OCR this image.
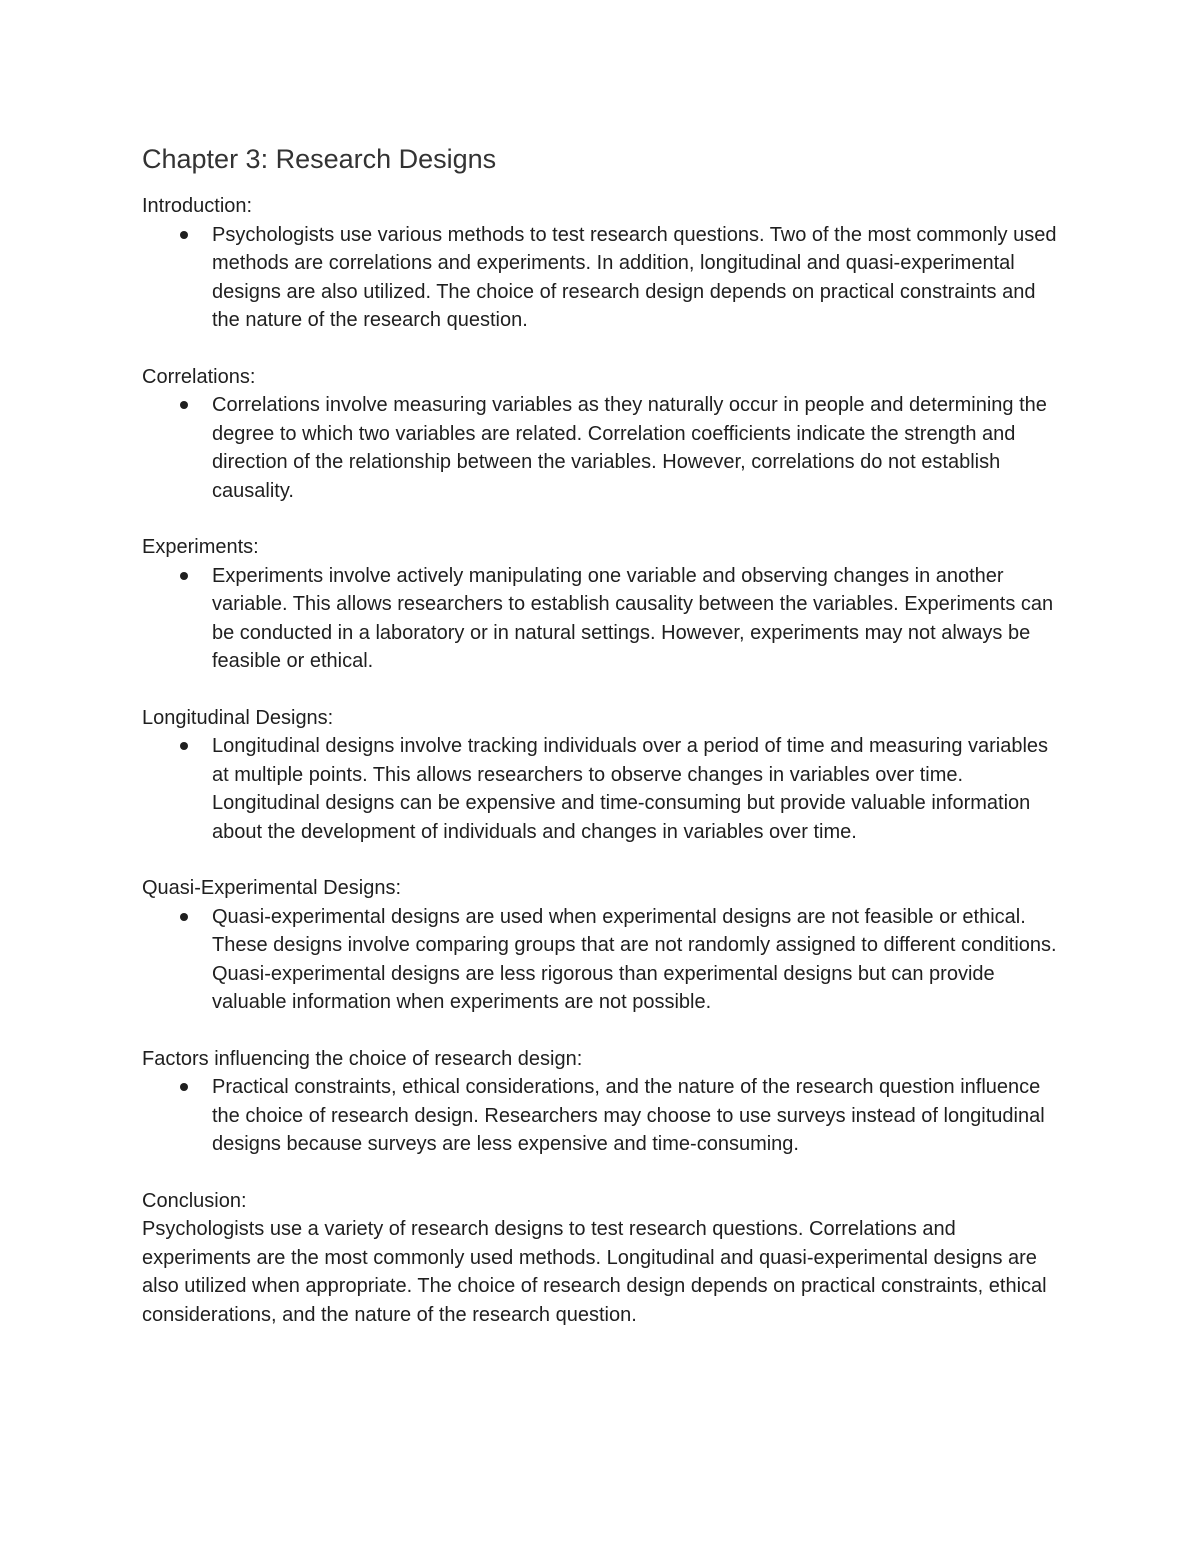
Chapter 3: Research Designs

Introduction:

Psychologists use various methods to test research questions. Two of the most commonly used methods are correlations and experiments. In addition, longitudinal and quasi-experimental designs are also utilized. The choice of research design depends on practical constraints and the nature of the research question.

Correlations:

Correlations involve measuring variables as they naturally occur in people and determining the degree to which two variables are related. Correlation coefficients indicate the strength and direction of the relationship between the variables. However, correlations do not establish causality.

Experiments:

Experiments involve actively manipulating one variable and observing changes in another variable. This allows researchers to establish causality between the variables. Experiments can be conducted in a laboratory or in natural settings. However, experiments may not always be feasible or ethical.

Longitudinal Designs:

Longitudinal designs involve tracking individuals over a period of time and measuring variables at multiple points. This allows researchers to observe changes in variables over time. Longitudinal designs can be expensive and time-consuming but provide valuable information about the development of individuals and changes in variables over time.

Quasi-Experimental Designs:

Quasi-experimental designs are used when experimental designs are not feasible or ethical. These designs involve comparing groups that are not randomly assigned to different conditions. Quasi-experimental designs are less rigorous than experimental designs but can provide valuable information when experiments are not possible.

Factors influencing the choice of research design:

Practical constraints, ethical considerations, and the nature of the research question influence the choice of research design. Researchers may choose to use surveys instead of longitudinal designs because surveys are less expensive and time-consuming.

Conclusion:

Psychologists use a variety of research designs to test research questions. Correlations and experiments are the most commonly used methods. Longitudinal and quasi-experimental designs are also utilized when appropriate. The choice of research design depends on practical constraints, ethical considerations, and the nature of the research question.
